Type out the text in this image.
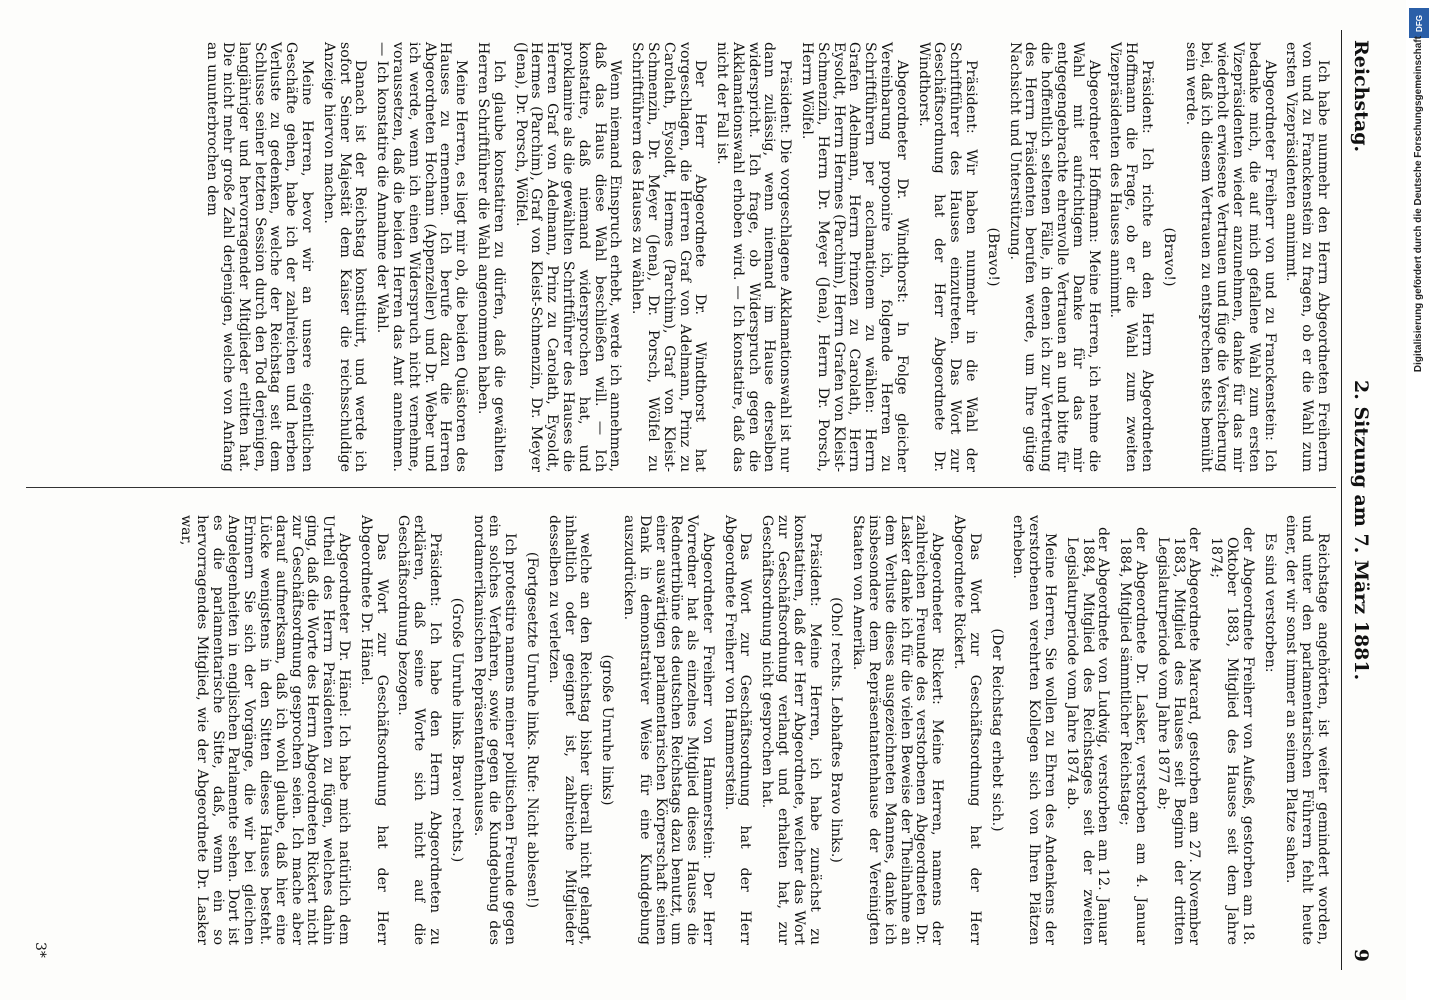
Reichstag.
2. Sitzung am 7. März 1881.
9

Ich habe nunmehr den Herrn Abgeordneten Freiherrn von und zu Franckenstein zu fragen, ob er die Wahl zum ersten Vizepräsidenten annimmt.

Abgeordneter Freiherr von und zu Franckenstein: Ich bedanke mich, die auf mich gefallene Wahl zum ersten Vizepräsidenten wieder anzunehmen, danke für das mir wiederholt erwiesene Vertrauen und füge die Versicherung bei, daß ich diesem Vertrauen zu entsprechen stets bemüht sein werde.

(Bravo!)

Präsident: Ich richte an den Herrn Abgeordneten Hoffmann die Frage, ob er die Wahl zum zweiten Vizepräsidenten des Hauses annimmt.

Abgeordneter Hoffmann: Meine Herren, ich nehme die Wahl mit aufrichtigem Danke für das mir entgegengebrachte ehrenvolle Vertrauen an und bitte für die hoffentlich seltenen Fälle, in denen ich zur Vertretung des Herrn Präsidenten berufen werde, um Ihre gütige Nachsicht und Unterstützung.

(Bravo!)

Präsident: Wir haben nunmehr in die Wahl der Schriftführer des Hauses einzutreten. Das Wort zur Geschäftsordnung hat der Herr Abgeordnete Dr. Windthorst.

Abgeordneter Dr. Windthorst: In Folge gleicher Vereinbarung proponire ich, folgende Herren zu Schriftführern per acclamationem zu wählen: Herrn Grafen Adelmann, Herrn Prinzen zu Carolath, Herrn Eysoldt, Herrn Hermes (Parchim), Herrn Grafen von Kleist-Schmenzin, Herrn Dr. Meyer (Jena), Herrn Dr. Porsch, Herrn Wölfel.

Präsident: Die vorgeschlagene Akklamationswahl ist nur dann zulässig, wenn niemand im Hause derselben widerspricht. Ich frage, ob Widerspruch gegen die Akklamationswahl erhoben wird. — Ich konstatire, daß das nicht der Fall ist.

Der Herr Abgeordnete Dr. Windthorst hat vorgeschlagen, die Herren Graf von Adelmann, Prinz zu Carolath, Eysoldt, Hermes (Parchim), Graf von Kleist-Schmenzin, Dr. Meyer (Jena), Dr. Porsch, Wölfel zu Schriftführern des Hauses zu wählen.

Wenn niemand Einspruch erhebt, werde ich annehmen, daß das Haus diese Wahl beschließen will. — Ich konstatire, daß niemand widersprochen hat, und proklamire als die gewählten Schriftführer des Hauses die Herren Graf von Adelmann, Prinz zu Carolath, Eysoldt, Hermes (Parchim), Graf von Kleist-Schmenzin, Dr. Meyer (Jena), Dr. Porsch, Wölfel.

Ich glaube konstatiren zu dürfen, daß die gewählten Herren Schriftführer die Wahl angenommen haben.

Meine Herren, es liegt mir ob, die beiden Quästoren des Hauses zu ernennen. Ich berufe dazu die Herren Abgeordneten Hochann (Appenzeller) und Dr. Weber und ich werde, wenn ich einen Widerspruch nicht vernehme, voraussetzen, daß die beiden Herren das Amt annehmen. — Ich konstatire die Annahme der Wahl.

Danach ist der Reichstag konstituirt, und werde ich sofort Seiner Majestät dem Kaiser die reichsschuldige Anzeige hiervon machen.

Meine Herren, bevor wir an unsere eigentlichen Geschäfte gehen, habe ich der zahlreichen und herben Verluste zu gedenken, welche der Reichstag seit dem Schlusse seiner letzten Session durch den Tod derjenigen, langjähriger und hervorragender Mitglieder erlitten hat. Die nicht mehr große Zahl derjenigen, welche von Anfang an ununterbrochen dem

Reichstage angehörten, ist weiter gemindert worden, und unter den parlamentarischen Führern fehlt heute einer, der wir sonst immer an seinem Platze sahen.

Es sind verstorben:

der Abgeordnete Freiherr von Aufseß, gestorben am 18. Oktober 1883, Mitglied des Hauses seit dem Jahre 1874;

der Abgeordnete Marcard, gestorben am 27. November 1883, Mitglied des Hauses seit Beginn der dritten Legislaturperiode vom Jahre 1877 ab;

der Abgeordnete Dr. Lasker, verstorben am 4. Januar 1884, Mitglied sämmtlicher Reichstage;

der Abgeordnete von Ludwig, verstorben am 12. Januar 1884, Mitglied des Reichstages seit der zweiten Legislaturperiode vom Jahre 1874 ab.

Meine Herren, Sie wollen zu Ehren des Andenkens der verstorbenen verehrten Kollegen sich von Ihren Plätzen erheben.

(Der Reichstag erhebt sich.)

Das Wort zur Geschäftsordnung hat der Herr Abgeordnete Rickert.

Abgeordneter Rickert: Meine Herren, namens der zahlreichen Freunde des verstorbenen Abgeordneten Dr. Lasker danke ich für die vielen Beweise der Theilnahme an dem Verluste dieses ausgezeichneten Mannes, danke ich insbesondere dem Repräsentantenhause der Vereinigten Staaten von Amerika.

(Oho! rechts. Lebhaftes Bravo links.)

Präsident: Meine Herren, ich habe zunächst zu konstatiren, daß der Herr Abgeordnete, welcher das Wort zur Geschäftsordnung verlangt und erhalten hat, zur Geschäftsordnung nicht gesprochen hat.

Das Wort zur Geschäftsordnung hat der Herr Abgeordnete Freiherr von Hammerstein.

Abgeordneter Freiherr von Hammerstein: Der Herr Vorredner hat als einzelnes Mitglied dieses Hauses die Rednertribüne des deutschen Reichstags dazu benutzt, um einer auswärtigen parlamentarischen Körperschaft seinen Dank in demonstrativer Weise für eine Kundgebung auszudrücken.

(große Unruhe links)

welche an den Reichstag bisher überall nicht gelangt, inhaltlich oder geeignet ist, zahlreiche Mitglieder desselben zu verletzen.

(Fortgesetzte Unruhe links. Rufe: Nicht ablesen!)

Ich protestire namens meiner politischen Freunde gegen ein solches Verfahren, sowie gegen die Kundgebung des nordamerikanischen Repräsentantenhauses.

(Große Unruhe links. Bravo! rechts.)

Präsident: Ich habe den Herrn Abgeordneten zu erklären, daß seine Worte sich nicht auf die Geschäftsordnung bezogen.

Das Wort zur Geschäftsordnung hat der Herr Abgeordnete Dr. Hänel.

Abgeordneter Dr. Hänel: Ich habe mich natürlich dem Urtheil des Herrn Präsidenten zu fügen, welches dahin ging, daß die Worte des Herrn Abgeordneten Rickert nicht zur Geschäftsordnung gesprochen seien. Ich mache aber darauf aufmerksam, daß ich wohl glaube, daß hier eine Lücke wenigstens in den Sitten dieses Hauses besteht. Erinnern Sie sich der Vorgänge, die wir bei gleichen Angelegenheiten in englischen Parlamente sehen. Dort ist es die parlamentarische Sitte, daß, wenn ein so hervorragendes Mitglied, wie der Abgeordnete Dr. Lasker war,

3*
DFG
Digitalisierung gefördert durch die Deutsche Forschungsgemeinschaft
